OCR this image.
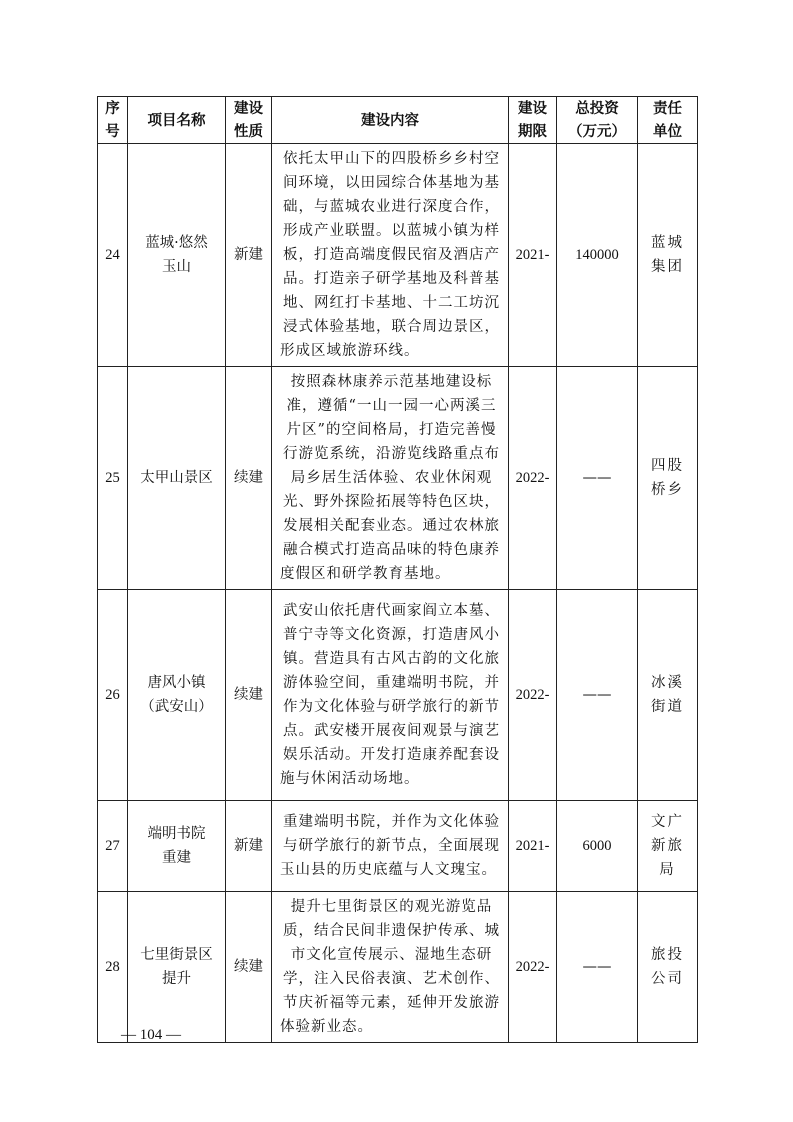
序号	项目名称	建设性质	建设内容	建设期限	总投资（万元）	责任单位
24	蓝城·悠然玉山	新建	依托太甲山下的四股桥乡乡村空间环境，以田园综合体基地为基础，与蓝城农业进行深度合作，形成产业联盟。以蓝城小镇为样板，打造高端度假民宿及酒店产品。打造亲子研学基地及科普基地、网红打卡基地、十二工坊沉浸式体验基地，联合周边景区，形成区域旅游环线。	2021-	140000	蓝城集团
25	太甲山景区	续建	按照森林康养示范基地建设标准，遵循“一山一园一心两溪三片区”的空间格局，打造完善慢行游览系统，沿游览线路重点布局乡居生活体验、农业休闲观光、野外探险拓展等特色区块，发展相关配套业态。通过农林旅融合模式打造高品味的特色康养度假区和研学教育基地。	2022-	——	四股桥乡
26	唐风小镇（武安山）	续建	武安山依托唐代画家阎立本墓、普宁寺等文化资源，打造唐风小镇。营造具有古风古韵的文化旅游体验空间，重建端明书院，并作为文化体验与研学旅行的新节点。武安楼开展夜间观景与演艺娱乐活动。开发打造康养配套设施与休闲活动场地。	2022-	——	冰溪街道
27	端明书院重建	新建	重建端明书院，并作为文化体验与研学旅行的新节点，全面展现玉山县的历史底蕴与人文瑰宝。	2021-	6000	文广新旅局
28	七里街景区提升	续建	提升七里街景区的观光游览品质，结合民间非遗保护传承、城市文化宣传展示、湿地生态研学，注入民俗表演、艺术创作、节庆祈福等元素，延伸开发旅游体验新业态。	2022-	——	旅投公司
— 104 —
